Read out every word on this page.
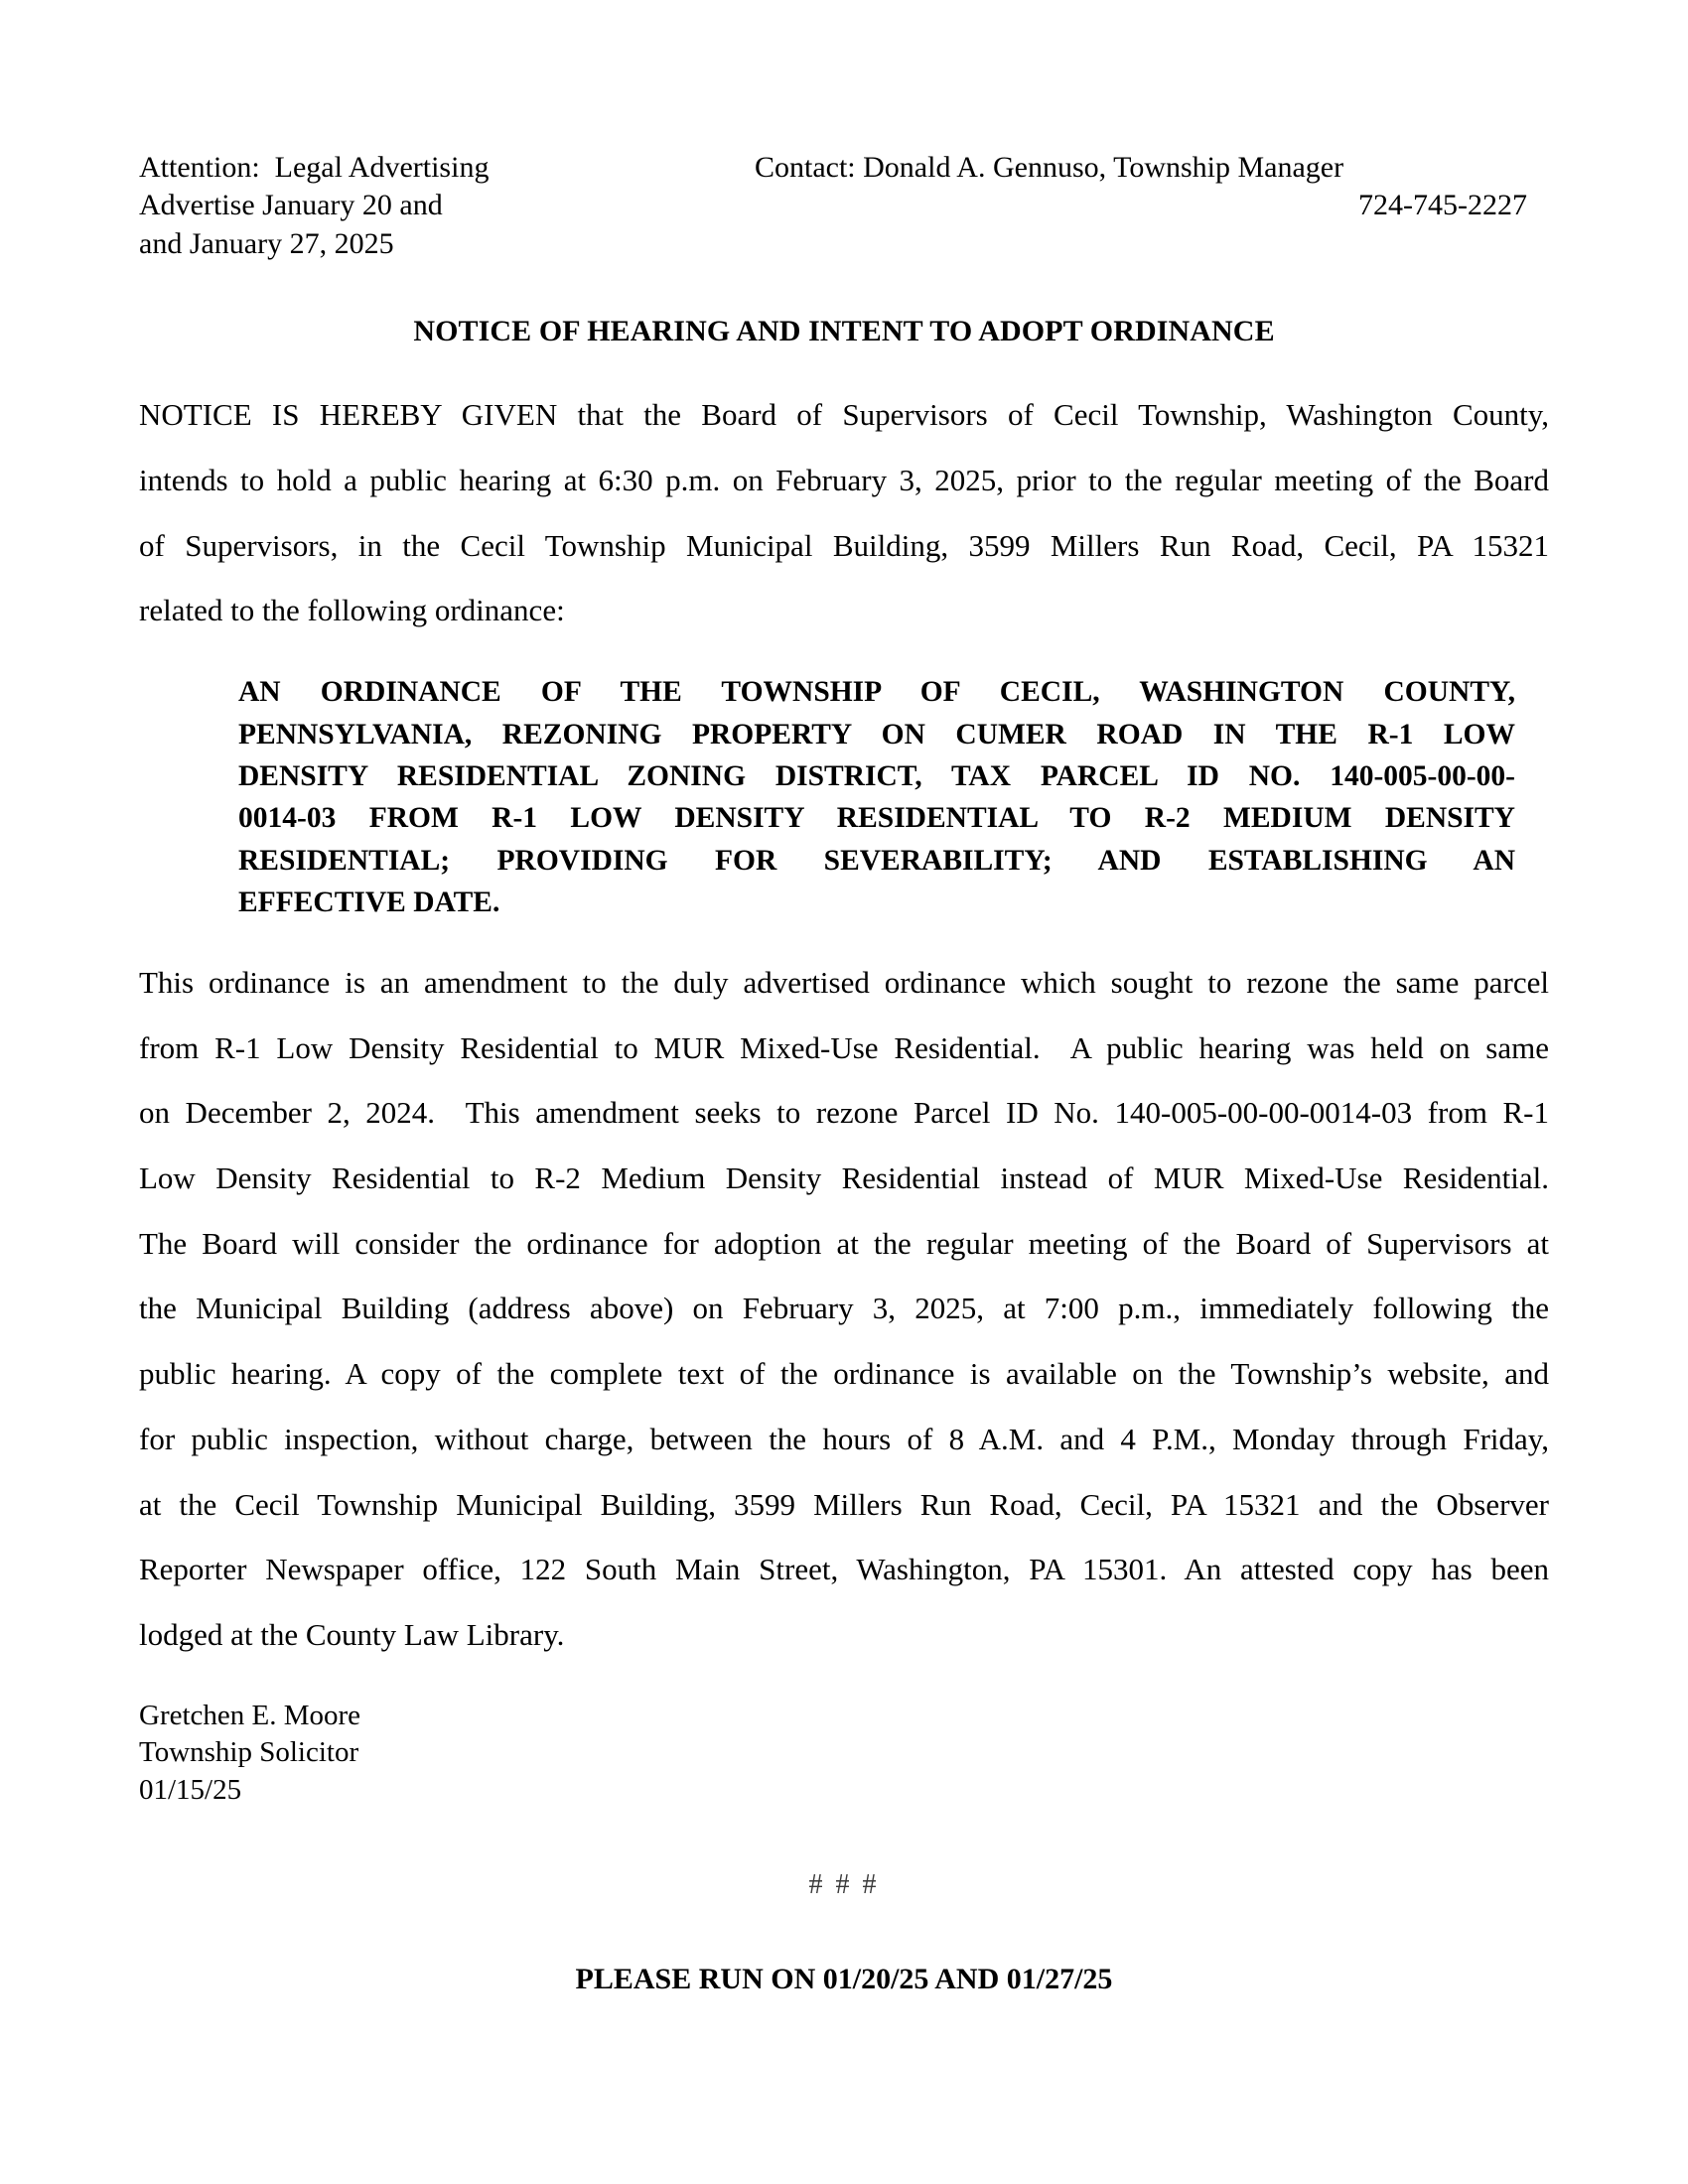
Attention:  Legal Advertising	Contact: Donald A. Gennuso, Township Manager
Advertise January 20 and	724-745-2227
and January 27, 2025
NOTICE OF HEARING AND INTENT TO ADOPT ORDINANCE
NOTICE IS HEREBY GIVEN that the Board of Supervisors of Cecil Township, Washington County,
intends to hold a public hearing at 6:30 p.m. on February 3, 2025, prior to the regular meeting of the Board
of Supervisors, in the Cecil Township Municipal Building, 3599 Millers Run Road, Cecil, PA 15321
related to the following ordinance:
AN ORDINANCE OF THE TOWNSHIP OF CECIL, WASHINGTON COUNTY,
PENNSYLVANIA, REZONING PROPERTY ON CUMER ROAD IN THE R-1 LOW
DENSITY RESIDENTIAL ZONING DISTRICT, TAX PARCEL ID NO. 140-005-00-00-
0014-03 FROM R-1 LOW DENSITY RESIDENTIAL TO R-2 MEDIUM DENSITY
RESIDENTIAL; PROVIDING FOR SEVERABILITY; AND ESTABLISHING AN
EFFECTIVE DATE.
This ordinance is an amendment to the duly advertised ordinance which sought to rezone the same parcel
from R-1 Low Density Residential to MUR Mixed-Use Residential.  A public hearing was held on same
on December 2, 2024.  This amendment seeks to rezone Parcel ID No. 140-005-00-00-0014-03 from R-1
Low Density Residential to R-2 Medium Density Residential instead of MUR Mixed-Use Residential.
The Board will consider the ordinance for adoption at the regular meeting of the Board of Supervisors at
the Municipal Building (address above) on February 3, 2025, at 7:00 p.m., immediately following the
public hearing. A copy of the complete text of the ordinance is available on the Township’s website, and
for public inspection, without charge, between the hours of 8 A.M. and 4 P.M., Monday through Friday,
at the Cecil Township Municipal Building, 3599 Millers Run Road, Cecil, PA 15321 and the Observer
Reporter Newspaper office, 122 South Main Street, Washington, PA 15301. An attested copy has been
lodged at the County Law Library.
Gretchen E. Moore
Township Solicitor
01/15/25
# # #
PLEASE RUN ON 01/20/25 AND 01/27/25
